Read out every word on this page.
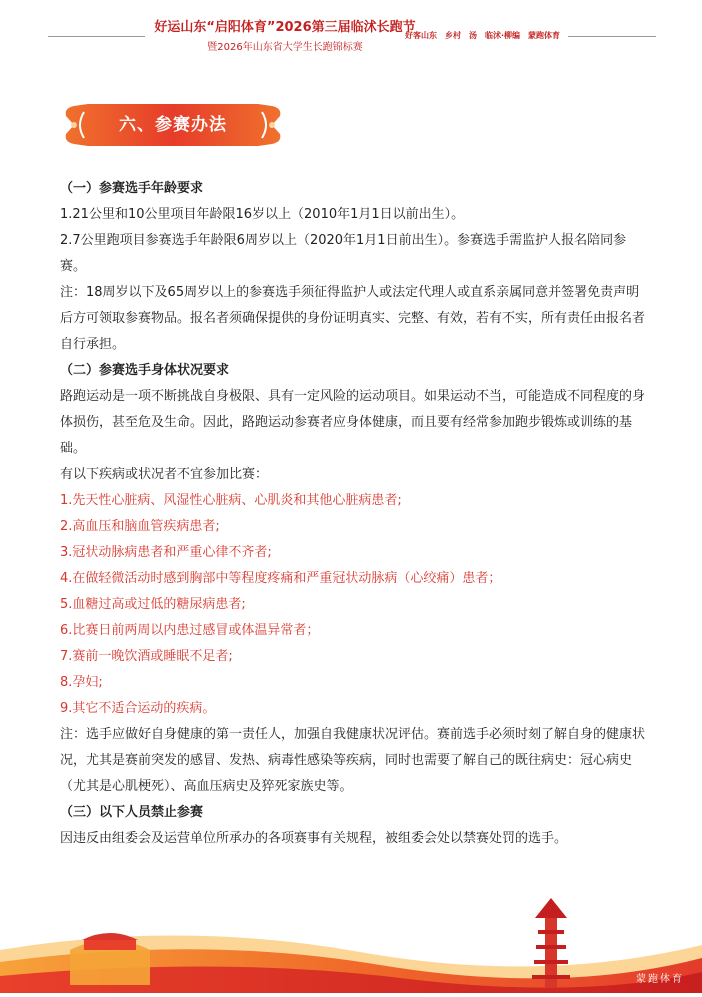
好运山东“启阳体育”2026第三届临沭长跑节
暨2026年山东省大学生长跑锦标赛
好客山东 乡村 汤 临沭·柳编 蒙跑体育
六、参赛办法

（一）参赛选手年龄要求

1.21公里和10公里项目年龄限16岁以上（2010年1月1日以前出生）。

2.7公里跑项目参赛选手年龄限6周岁以上（2020年1月1日前出生）。参赛选手需监护人报名陪同参赛。

注：18周岁以下及65周岁以上的参赛选手须征得监护人或法定代理人或直系亲属同意并签署免责声明后方可领取参赛物品。报名者须确保提供的身份证明真实、完整、有效，若有不实，所有责任由报名者自行承担。

（二）参赛选手身体状况要求

路跑运动是一项不断挑战自身极限、具有一定风险的运动项目。如果运动不当，可能造成不同程度的身体损伤，甚至危及生命。因此，路跑运动参赛者应身体健康，而且要有经常参加跑步锻炼或训练的基础。

有以下疾病或状况者不宜参加比赛：

1.先天性心脏病、风湿性心脏病、心肌炎和其他心脏病患者;

2.高血压和脑血管疾病患者;

3.冠状动脉病患者和严重心律不齐者;

4.在做轻微活动时感到胸部中等程度疼痛和严重冠状动脉病（心绞痛）患者；

5.血糖过高或过低的糖尿病患者;

6.比赛日前两周以内患过感冒或体温异常者；

7.赛前一晚饮酒或睡眠不足者;

8.孕妇;

9.其它不适合运动的疾病。

注：选手应做好自身健康的第一责任人，加强自我健康状况评估。赛前选手必须时刻了解自身的健康状况，尤其是赛前突发的感冒、发热、病毒性感染等疾病，同时也需要了解自己的既往病史：冠心病史（尤其是心肌梗死）、高血压病史及猝死家族史等。

（三）以下人员禁止参赛

因违反由组委会及运营单位所承办的各项赛事有关规程，被组委会处以禁赛处罚的选手。

蒙跑体育
